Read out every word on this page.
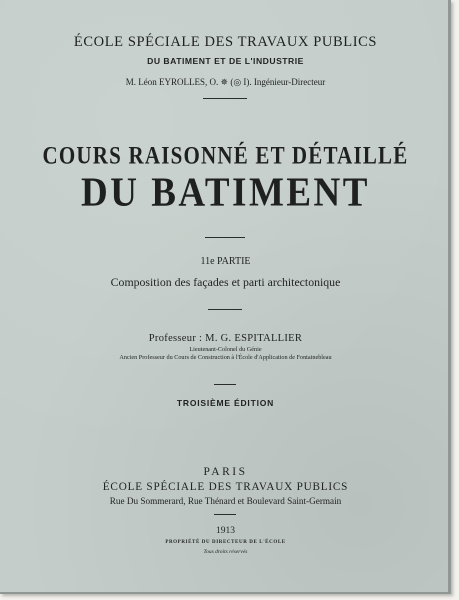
ÉCOLE SPÉCIALE DES TRAVAUX PUBLICS
DU BATIMENT ET DE L'INDUSTRIE
M. Léon EYROLLES, O. ✵ (◎ I). Ingénieur-Directeur
COURS RAISONNÉ ET DÉTAILLÉ
DU BATIMENT
11e PARTIE
Composition des façades et parti architectonique
Professeur : M. G. ESPITALLIER
Lieutenant-Colonel du Génie
Ancien Professeur du Cours de Construction à l'École d'Application de Fontainebleau
TROISIÈME ÉDITION
PARIS
ÉCOLE SPÉCIALE DES TRAVAUX PUBLICS
Rue Du Sommerard, Rue Thénard et Boulevard Saint-Germain
1913
PROPRIÉTÉ DU DIRECTEUR DE L'ÉCOLE
Tous droits réservés
